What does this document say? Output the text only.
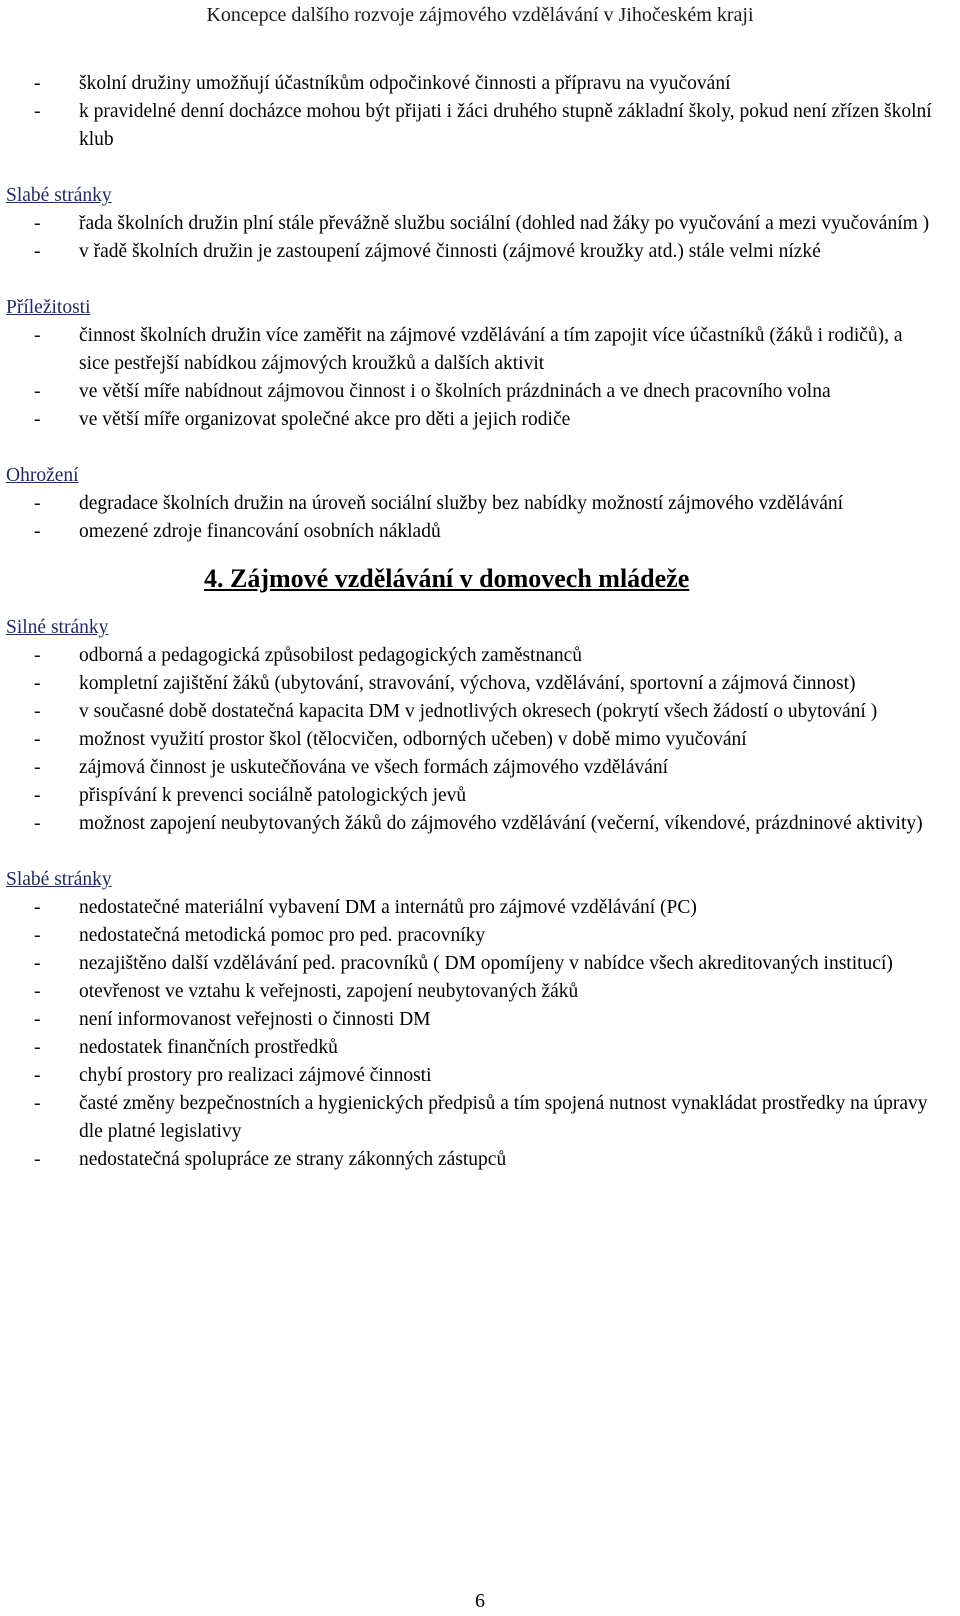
Koncepce dalšího rozvoje zájmového vzdělávání v Jihočeském kraji
- školní družiny umožňují účastníkům odpočinkové činnosti a přípravu na vyučování
- k pravidelné denní docházce mohou být přijati i žáci druhého stupně základní školy, pokud není zřízen školní klub
Slabé stránky
- řada školních družin plní stále převážně službu sociální (dohled nad žáky po vyučování a mezi vyučováním )
- v řadě školních družin je zastoupení zájmové činnosti (zájmové kroužky atd.) stále velmi nízké
Příležitosti
- činnost školních družin více zaměřit na zájmové vzdělávání a tím zapojit více účastníků (žáků i rodičů), a sice pestřejší nabídkou zájmových kroužků a dalších aktivit
- ve větší míře nabídnout zájmovou činnost i o školních prázdninách a ve dnech pracovního volna
- ve větší míře organizovat společné akce pro děti a jejich rodiče
Ohrožení
- degradace školních družin na úroveň sociální služby bez nabídky možností zájmového vzdělávání
- omezené zdroje financování osobních nákladů
4. Zájmové vzdělávání v domovech mládeže
Silné stránky
- odborná a pedagogická způsobilost pedagogických zaměstnanců
- kompletní zajištění žáků (ubytování, stravování, výchova, vzdělávání, sportovní a zájmová činnost)
- v současné době dostatečná kapacita DM v jednotlivých okresech (pokrytí všech žádostí o ubytování )
- možnost využití prostor škol (tělocvičen, odborných učeben) v době mimo vyučování
- zájmová činnost je uskutečňována ve všech formách zájmového vzdělávání
- přispívání k prevenci sociálně patologických jevů
- možnost zapojení neubytovaných žáků do zájmového vzdělávání (večerní, víkendové, prázdninové aktivity)
Slabé stránky
- nedostatečné materiální vybavení DM a internátů pro zájmové vzdělávání (PC)
- nedostatečná metodická pomoc pro ped. pracovníky
- nezajištěno další vzdělávání ped. pracovníků ( DM opomíjeny v nabídce všech akreditovaných institucí)
- otevřenost ve vztahu k veřejnosti, zapojení neubytovaných žáků
- není informovanost veřejnosti o činnosti DM
- nedostatek finančních prostředků
- chybí prostory pro realizaci zájmové činnosti
- časté změny bezpečnostních a hygienických předpisů a tím spojená nutnost vynakládat prostředky na úpravy dle platné legislativy
- nedostatečná spolupráce ze strany zákonných zástupců
6
